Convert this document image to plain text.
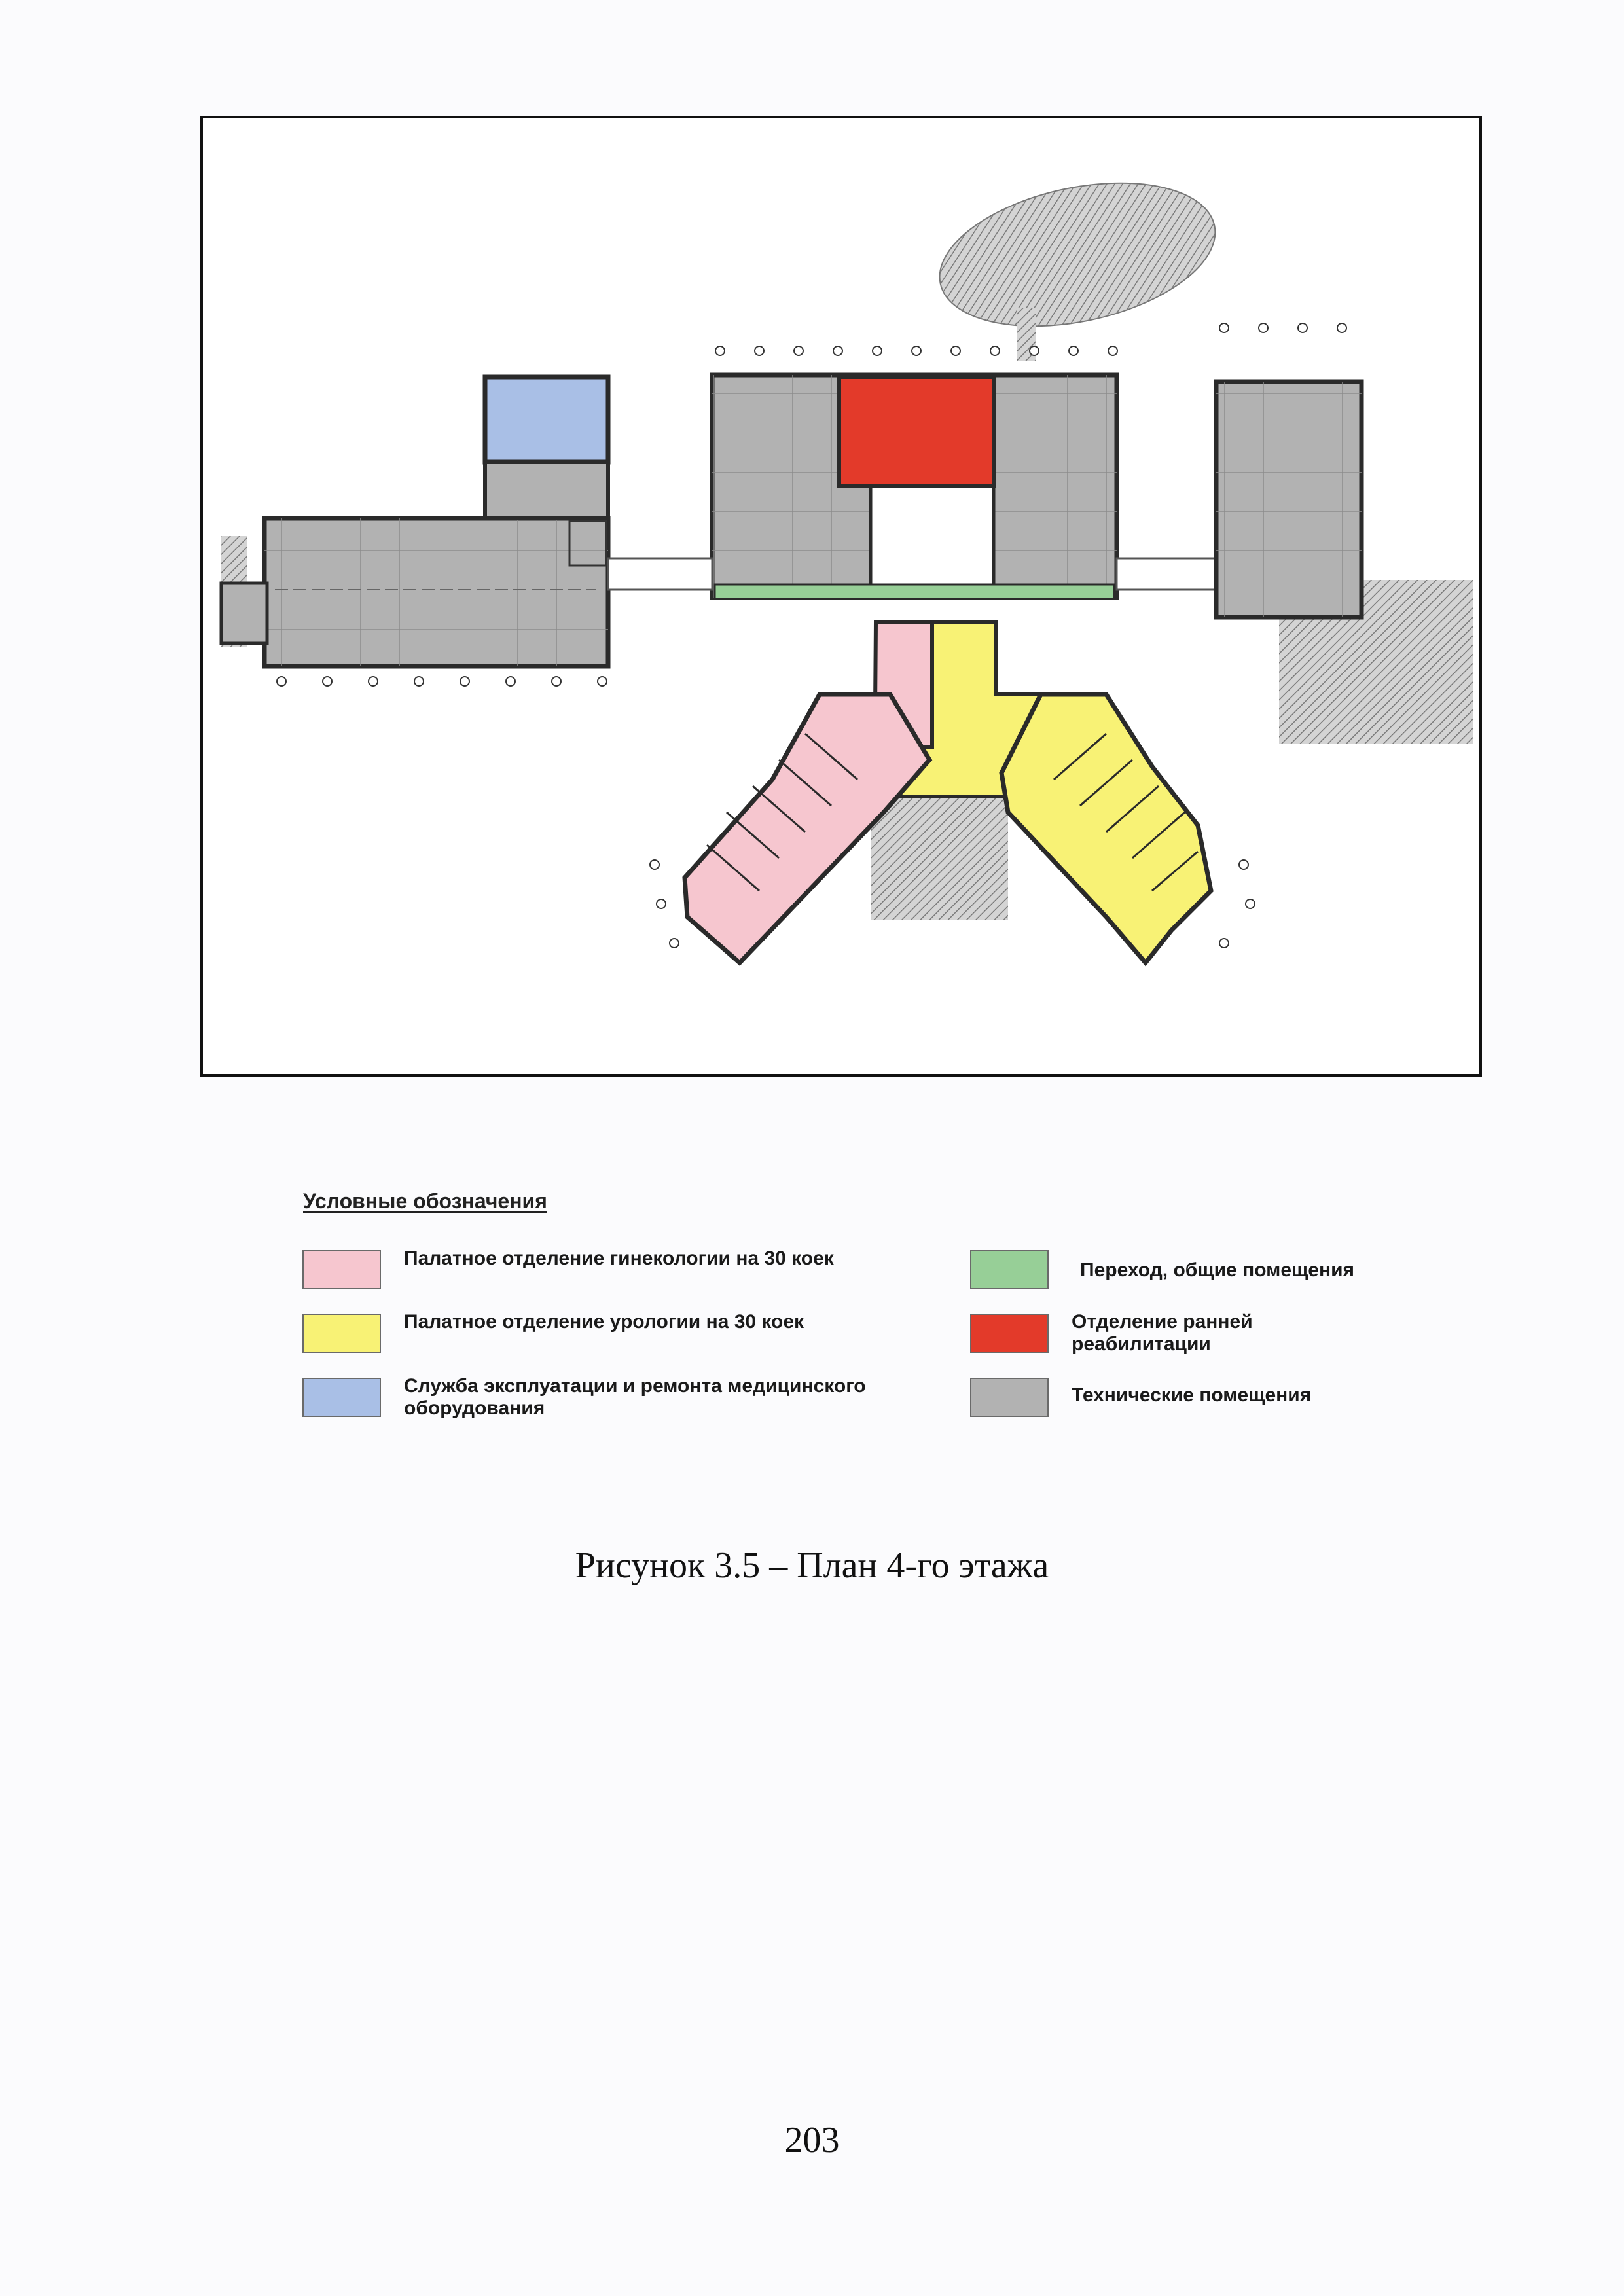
Условные обозначения
Палатное отделение гинекологии на 30 коек
Палатное отделение урологии на 30 коек
Служба эксплуатации и ремонта медицинского оборудования
Переход, общие помещения
Отделение ранней реабилитации
Технические помещения
Рисунок 3.5 – План 4-го этажа
203
